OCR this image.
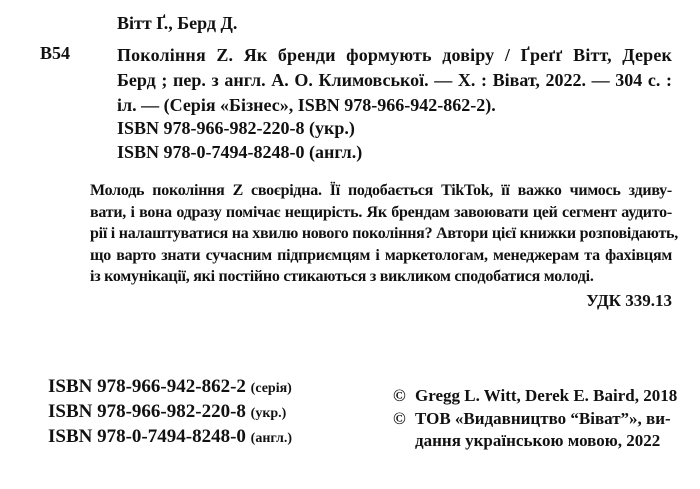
Вітт Ґ., Берд Д.
В54	Покоління Z. Як бренди формують довіру / Ґреґґ Вітт, Дерек
Берд ; пер. з англ. А. О. Климовської. — Х. : Віват, 2022. — 304 с. :
іл. — (Серія «Бізнес», ISBN 978-966-942-862-2).
ISBN 978-966-982-220-8 (укр.)
ISBN 978-0-7494-8248-0 (англ.)
Молодь покоління Z своєрідна. Її подобається TikTok, її важко чимось здиву-
вати, і вона одразу помічає нещирість. Як брендам завоювати цей сегмент аудито-
рії і налаштуватися на хвилю нового покоління? Автори цієї книжки розповідають,
що варто знати сучасним підприємцям і маркетологам, менеджерам та фахівцям
із комунікації, які постійно стикаються з викликом сподобатися молоді.
УДК 339.13
ISBN 978-966-942-862-2 (серія)
ISBN 978-966-982-220-8 (укр.)
ISBN 978-0-7494-8248-0 (англ.)
© Gregg L. Witt, Derek E. Baird, 2018
© ТОВ «Видавництво “Віват”», ви-
дання українською мовою, 2022
